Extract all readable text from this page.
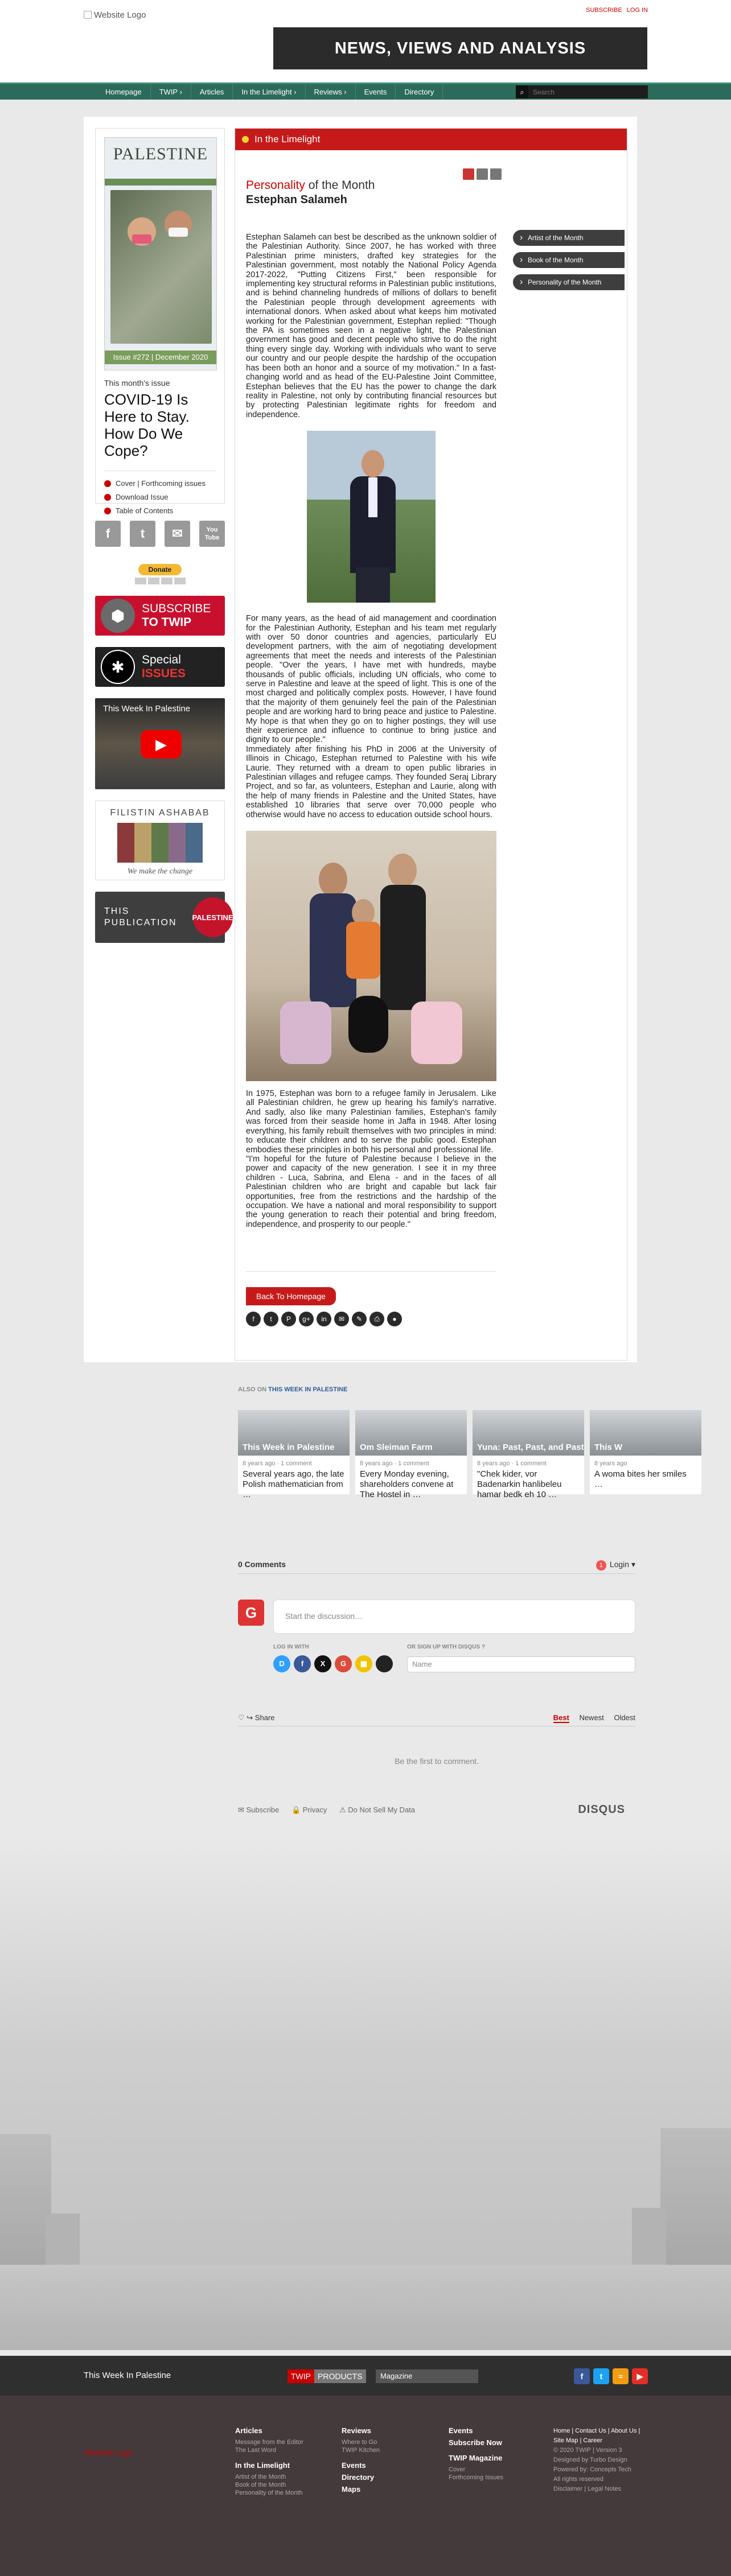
Website Logo	SUBSCRIBE LOG IN
NEWS, VIEWS AND ANALYSIS
Homepage	TWIP ›	Articles	In the Limelight ›	Reviews ›	Events	Directory	⌕
Search
PALESTINE
Issue #272 | December 2020
This month's issue
COVID-19 Is Here to Stay. How Do We Cope?
Cover | Forthcoming issues
Download Issue
Table of Contents
f	t	✉	You Tube
Donate
⬢	SUBSCRIBE
TO TWIP
✱	Special
ISSUES
This Week In Palestine
▶
FILISTIN ASHABAB
We make the change
THIS
PUBLICATION
PALESTINE
In the Limelight
Personality of the Month
Estephan Salameh

Estephan Salameh can best be described as the unknown soldier of the Palestinian Authority. Since 2007, he has worked with three Palestinian prime ministers, drafted key strategies for the Palestinian government, most notably the National Policy Agenda 2017-2022, "Putting Citizens First," been responsible for implementing key structural reforms in Palestinian public institutions, and is behind channeling hundreds of millions of dollars to benefit the Palestinian people through development agreements with international donors. When asked about what keeps him motivated working for the Palestinian government, Estephan replied: "Though the PA is sometimes seen in a negative light, the Palestinian government has good and decent people who strive to do the right thing every single day. Working with individuals who want to serve our country and our people despite the hardship of the occupation has been both an honor and a source of my motivation." In a fast-changing world and as head of the EU-Palestine Joint Committee, Estephan believes that the EU has the power to change the dark reality in Palestine, not only by contributing financial resources but by protecting Palestinian legitimate rights for freedom and independence.

For many years, as the head of aid management and coordination for the Palestinian Authority, Estephan and his team met regularly with over 50 donor countries and agencies, particularly EU development partners, with the aim of negotiating development agreements that meet the needs and interests of the Palestinian people. "Over the years, I have met with hundreds, maybe thousands of public officials, including UN officials, who come to serve in Palestine and leave at the speed of light. This is one of the most charged and politically complex posts. However, I have found that the majority of them genuinely feel the pain of the Palestinian people and are working hard to bring peace and justice to Palestine. My hope is that when they go on to higher postings, they will use their experience and influence to continue to bring justice and dignity to our people."

Immediately after finishing his PhD in 2006 at the University of Illinois in Chicago, Estephan returned to Palestine with his wife Laurie. They returned with a dream to open public libraries in Palestinian villages and refugee camps. They founded Seraj Library Project, and so far, as volunteers, Estephan and Laurie, along with the help of many friends in Palestine and the United States, have established 10 libraries that serve over 70,000 people who otherwise would have no access to education outside school hours.

In 1975, Estephan was born to a refugee family in Jerusalem. Like all Palestinian children, he grew up hearing his family's narrative. And sadly, also like many Palestinian families, Estephan's family was forced from their seaside home in Jaffa in 1948. After losing everything, his family rebuilt themselves with two principles in mind: to educate their children and to serve the public good. Estephan embodies these principles in both his personal and professional life.

"I'm hopeful for the future of Palestine because I believe in the power and capacity of the new generation. I see it in my three children - Luca, Sabrina, and Elena - and in the faces of all Palestinian children who are bright and capable but lack fair opportunities, free from the restrictions and the hardship of the occupation. We have a national and moral responsibility to support the young generation to reach their potential and bring freedom, independence, and prosperity to our people."

Back To Homepage
f	t	P	g+	in	✉	✎	⎙	●
› Artist of the Month
› Book of the Month
› Personality of the Month
ALSO ON THIS WEEK IN PALESTINE
This Week in Palestine
8 years ago · 1 comment
Several years ago, the late Polish mathematician from …
Om Sleiman Farm
8 years ago · 1 comment
Every Monday evening, shareholders convene at The Hostel in …
Yuna: Past, Past, and Past
8 years ago · 1 comment
"Chek kider, vor Badenarkin hanlibeleu hamar bedk eh 10 …
This W
8 years ago
A woma bites her smiles …
0 Comments	1 Login ▾
G	Start the discussion…
LOG IN WITH	OR SIGN UP WITH DISQUS ?
D	f	X	G	▦	Name
♡ ↪ Share	Best Newest Oldest
Be the first to comment.
✉ Subscribe 🔒 Privacy ⚠ Do Not Sell My Data	DISQUS
This Week In Palestine	TWIP PRODUCTS	Magazine	f	t	≈	▶
Website Logo
Articles
Message from the Editor
The Last Word
In the Limelight
Artist of the Month
Book of the Month
Personality of the Month
Reviews
Where to Go
TWIP Kitchen
Events
Directory
Maps
Events
Subscribe Now
TWIP Magazine
Cover
Forthcoming Issues
Home | Contact Us | About Us |
Site Map | Career
© 2020 TWIP | Version 3
Designed by Turbo Design
Powered by: Concepts Tech
All rights reserved
Disclaimer | Legal Notes
